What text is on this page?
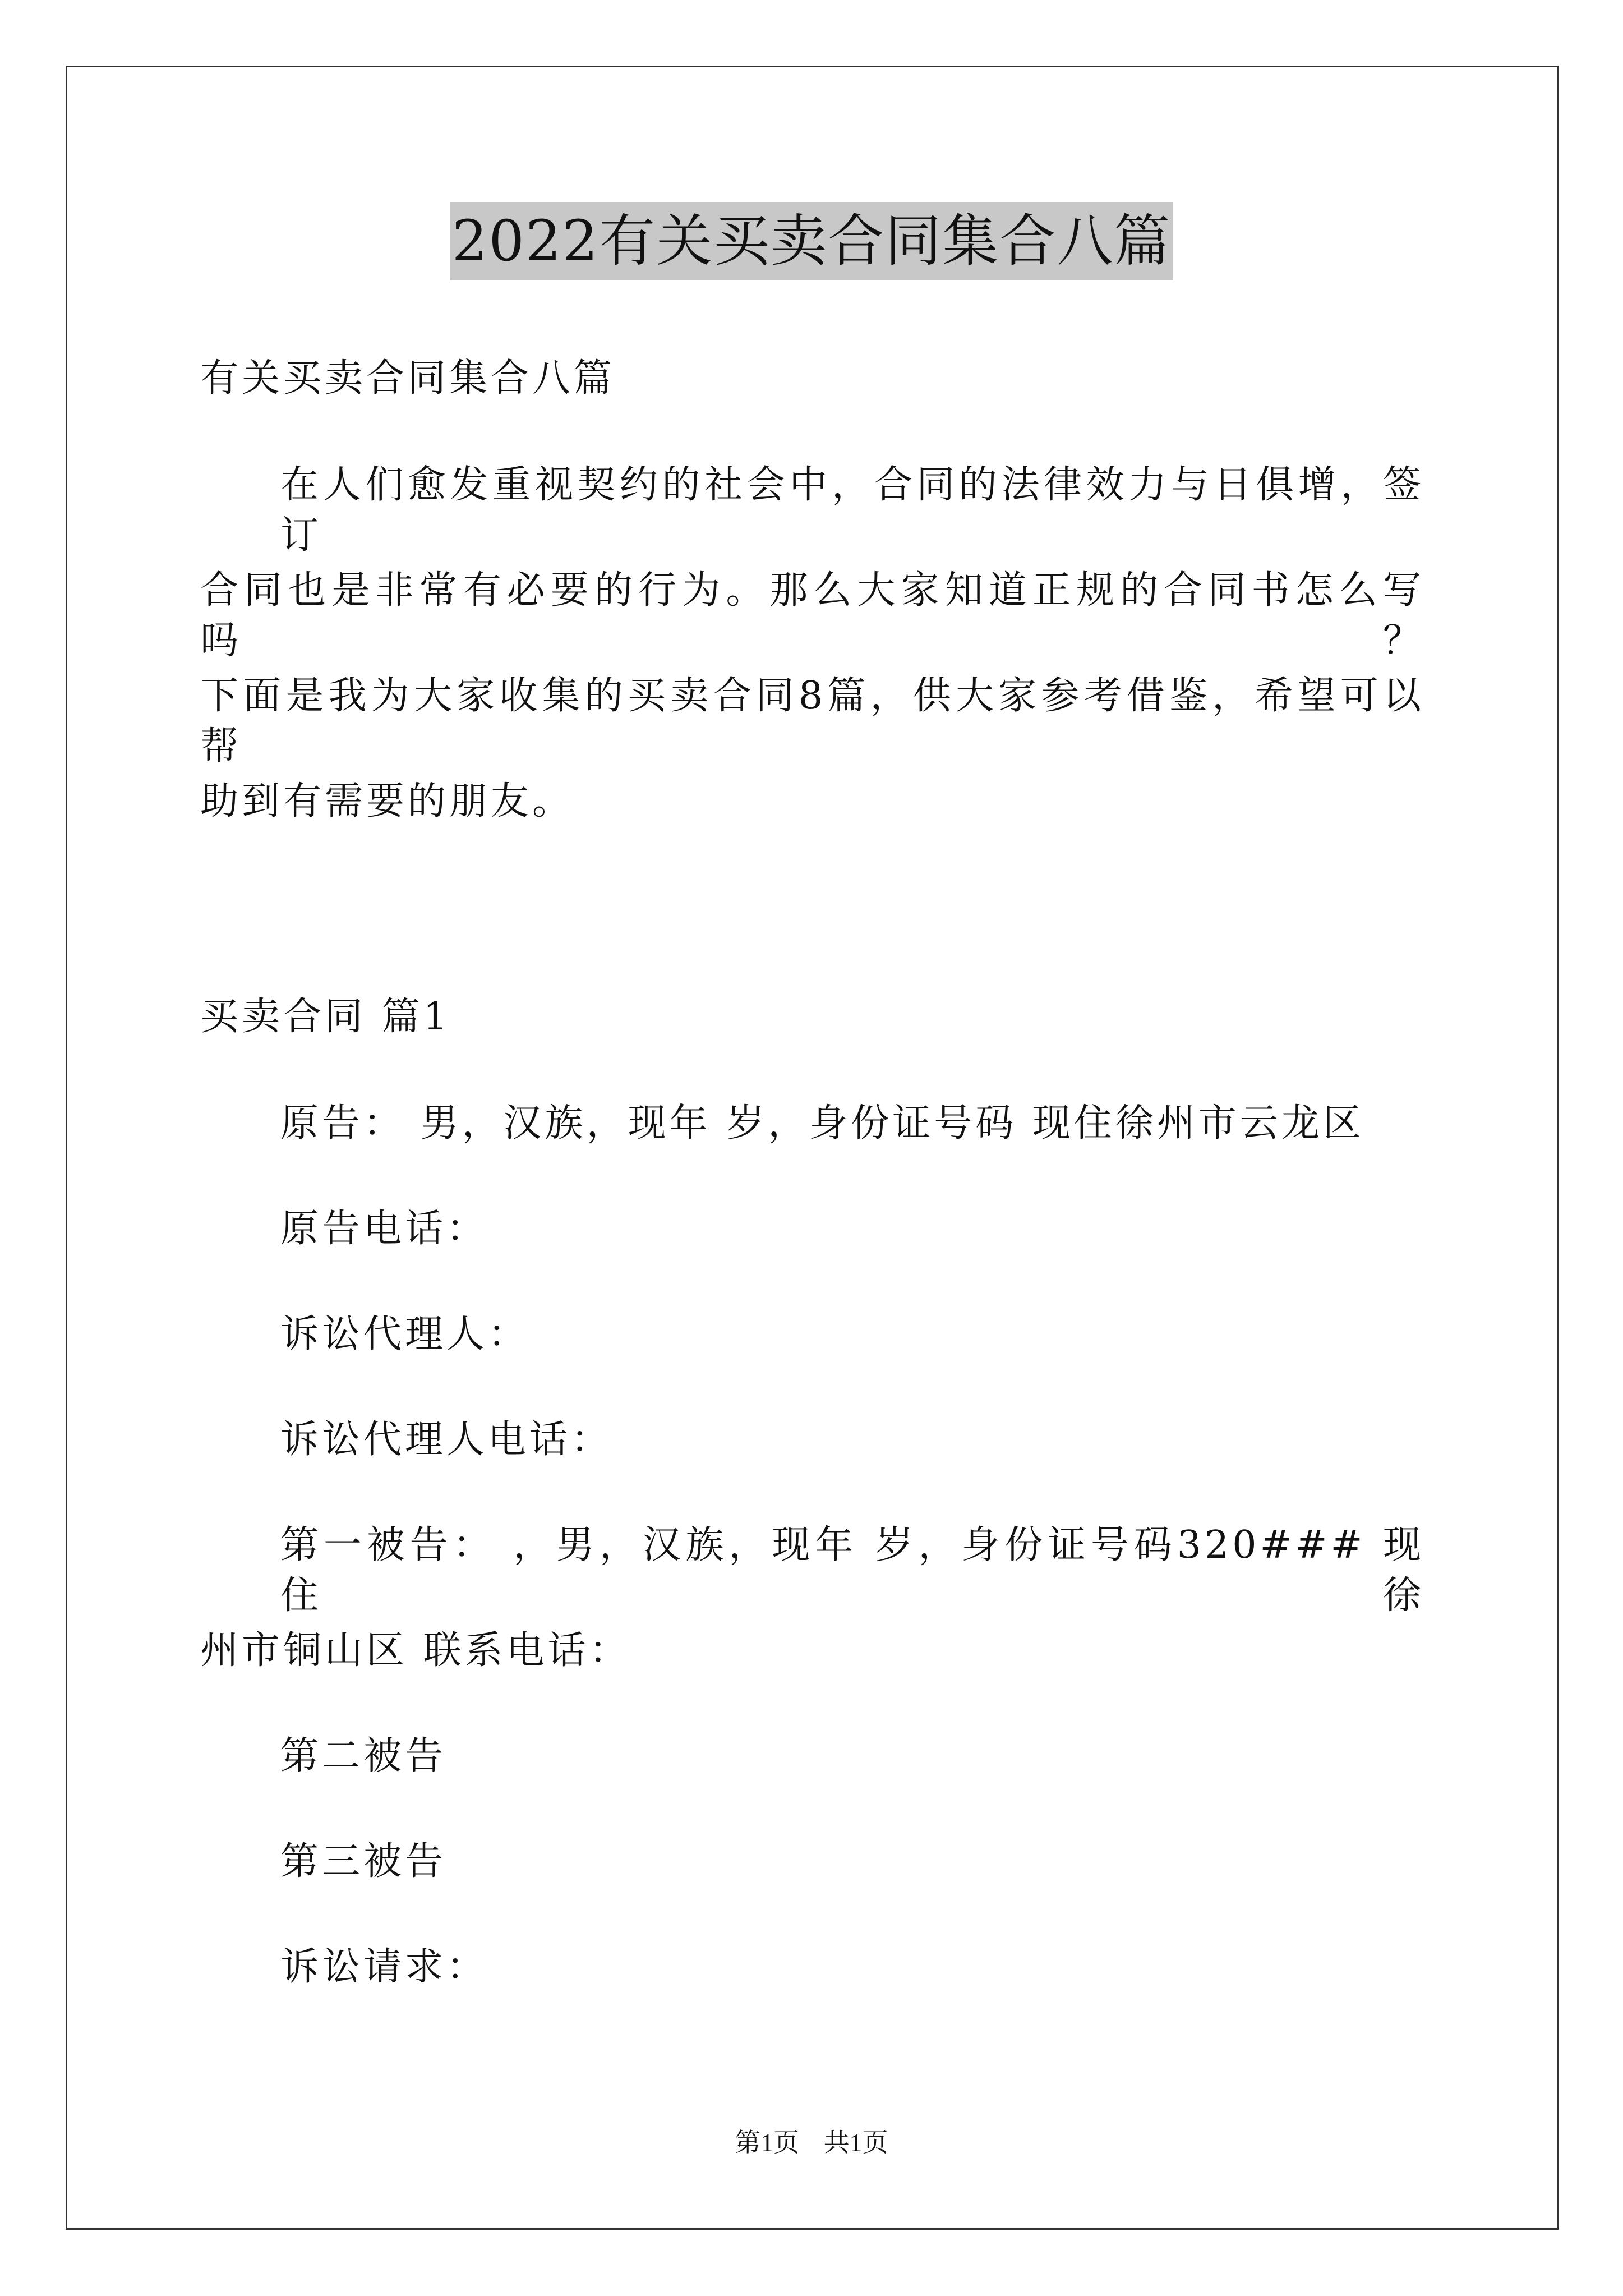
2022有关买卖合同集合八篇
有关买卖合同集合八篇
在人们愈发重视契约的社会中，合同的法律效力与日俱增，签订
合同也是非常有必要的行为。那么大家知道正规的合同书怎么写吗？
下面是我为大家收集的买卖合同8篇，供大家参考借鉴，希望可以帮
助到有需要的朋友。
买卖合同 篇1
原告： 男，汉族，现年 岁，身份证号码 现住徐州市云龙区
原告电话：
诉讼代理人：
诉讼代理人电话：
第一被告： ，男，汉族，现年 岁，身份证号码320### 现住徐
州市铜山区 联系电话：
第二被告
第三被告
诉讼请求：
第1页 共1页
